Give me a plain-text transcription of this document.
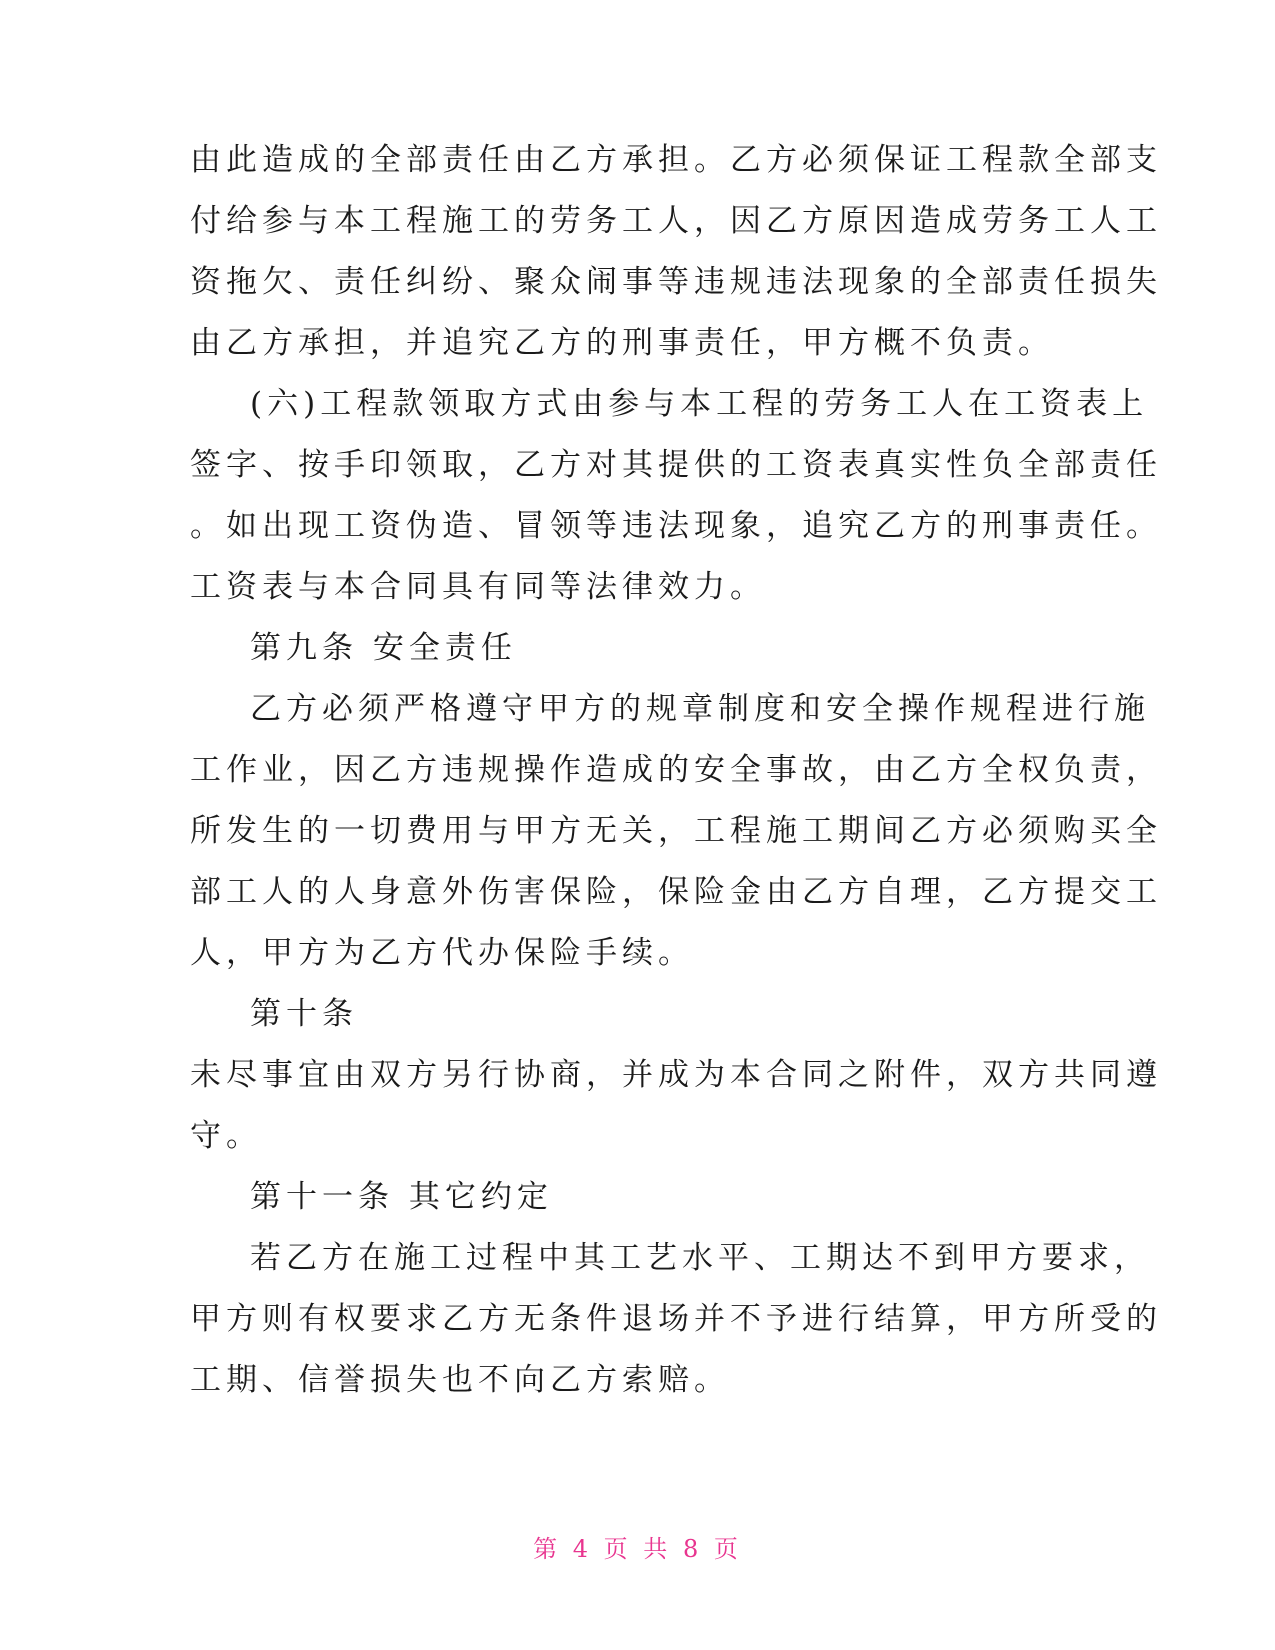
由此造成的全部责任由乙方承担。乙方必须保证工程款全部支
付给参与本工程施工的劳务工人，因乙方原因造成劳务工人工
资拖欠、责任纠纷、聚众闹事等违规违法现象的全部责任损失
由乙方承担，并追究乙方的刑事责任，甲方概不负责。
(六)工程款领取方式由参与本工程的劳务工人在工资表上
签字、按手印领取，乙方对其提供的工资表真实性负全部责任
。如出现工资伪造、冒领等违法现象，追究乙方的刑事责任。
工资表与本合同具有同等法律效力。
第九条 安全责任
乙方必须严格遵守甲方的规章制度和安全操作规程进行施
工作业，因乙方违规操作造成的安全事故，由乙方全权负责，
所发生的一切费用与甲方无关，工程施工期间乙方必须购买全
部工人的人身意外伤害保险，保险金由乙方自理，乙方提交工
人，甲方为乙方代办保险手续。
第十条
未尽事宜由双方另行协商，并成为本合同之附件，双方共同遵
守。
第十一条 其它约定
若乙方在施工过程中其工艺水平、工期达不到甲方要求，
甲方则有权要求乙方无条件退场并不予进行结算，甲方所受的
工期、信誉损失也不向乙方索赔。
第 4 页 共 8 页
